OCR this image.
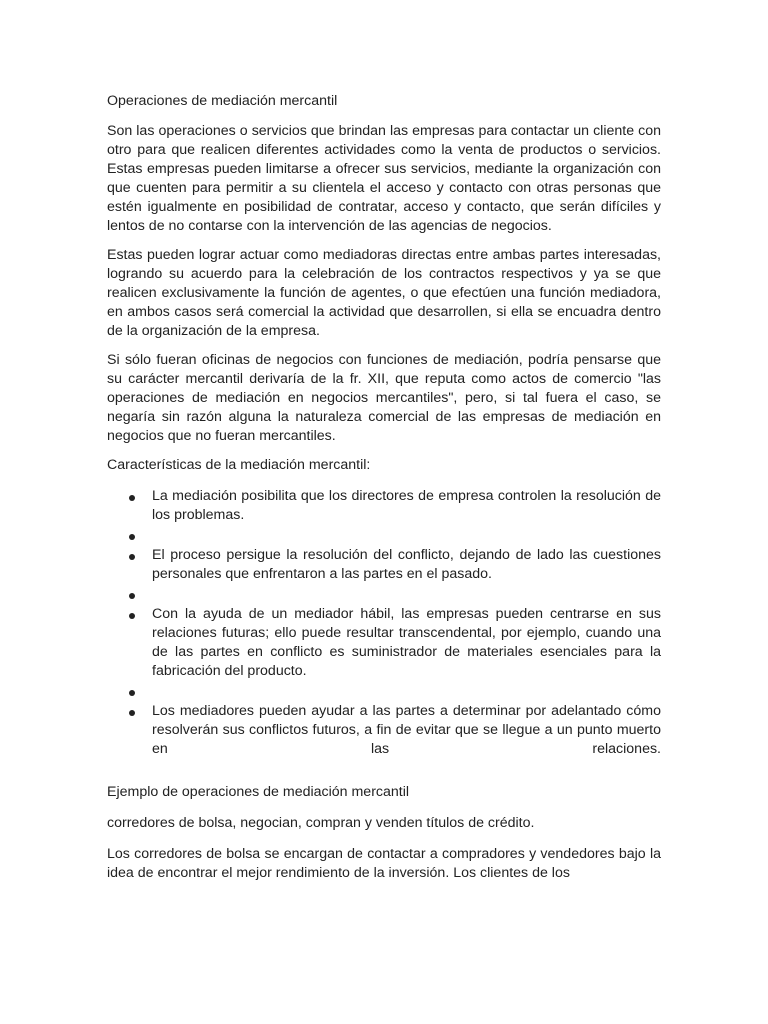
Operaciones de mediación mercantil

Son las operaciones o servicios que brindan las empresas para contactar un cliente con otro para que realicen diferentes actividades como la venta de productos o servicios. Estas empresas pueden limitarse a ofrecer sus servicios, mediante la organización con que cuenten para permitir a su clientela el acceso y contacto con otras personas que estén igualmente en posibilidad de contratar, acceso y contacto, que serán difíciles y lentos de no contarse con la intervención de las agencias de negocios.

Estas pueden lograr actuar como mediadoras directas entre ambas partes interesadas, logrando su acuerdo para la celebración de los contractos respectivos y ya se que realicen exclusivamente la función de agentes, o que efectúen una función mediadora, en ambos casos será comercial la actividad que desarrollen, si ella se encuadra dentro de la organización de la empresa.

Si sólo fueran oficinas de negocios con funciones de mediación, podría pensarse que su carácter mercantil derivaría de la fr. XII, que reputa como actos de comercio "las operaciones de mediación en negocios mercantiles", pero, si tal fuera el caso, se negaría sin razón alguna la naturaleza comercial de las empresas de mediación en negocios que no fueran mercantiles.

Características de la mediación mercantil:

La mediación posibilita que los directores de empresa controlen la resolución de los problemas.
El proceso persigue la resolución del conflicto, dejando de lado las cuestiones personales que enfrentaron a las partes en el pasado.
Con la ayuda de un mediador hábil, las empresas pueden centrarse en sus relaciones futuras; ello puede resultar transcendental, por ejemplo, cuando una de las partes en conflicto es suministrador de materiales esenciales para la fabricación del producto.
Los mediadores pueden ayudar a las partes a determinar por adelantado cómo resolverán sus conflictos futuros, a fin de evitar que se llegue a un punto muerto en las relaciones.

Ejemplo de operaciones de mediación mercantil

corredores de bolsa, negocian, compran y venden títulos de crédito.

Los corredores de bolsa se encargan de contactar a compradores y vendedores bajo la idea de encontrar el mejor rendimiento de la inversión. Los clientes de los
